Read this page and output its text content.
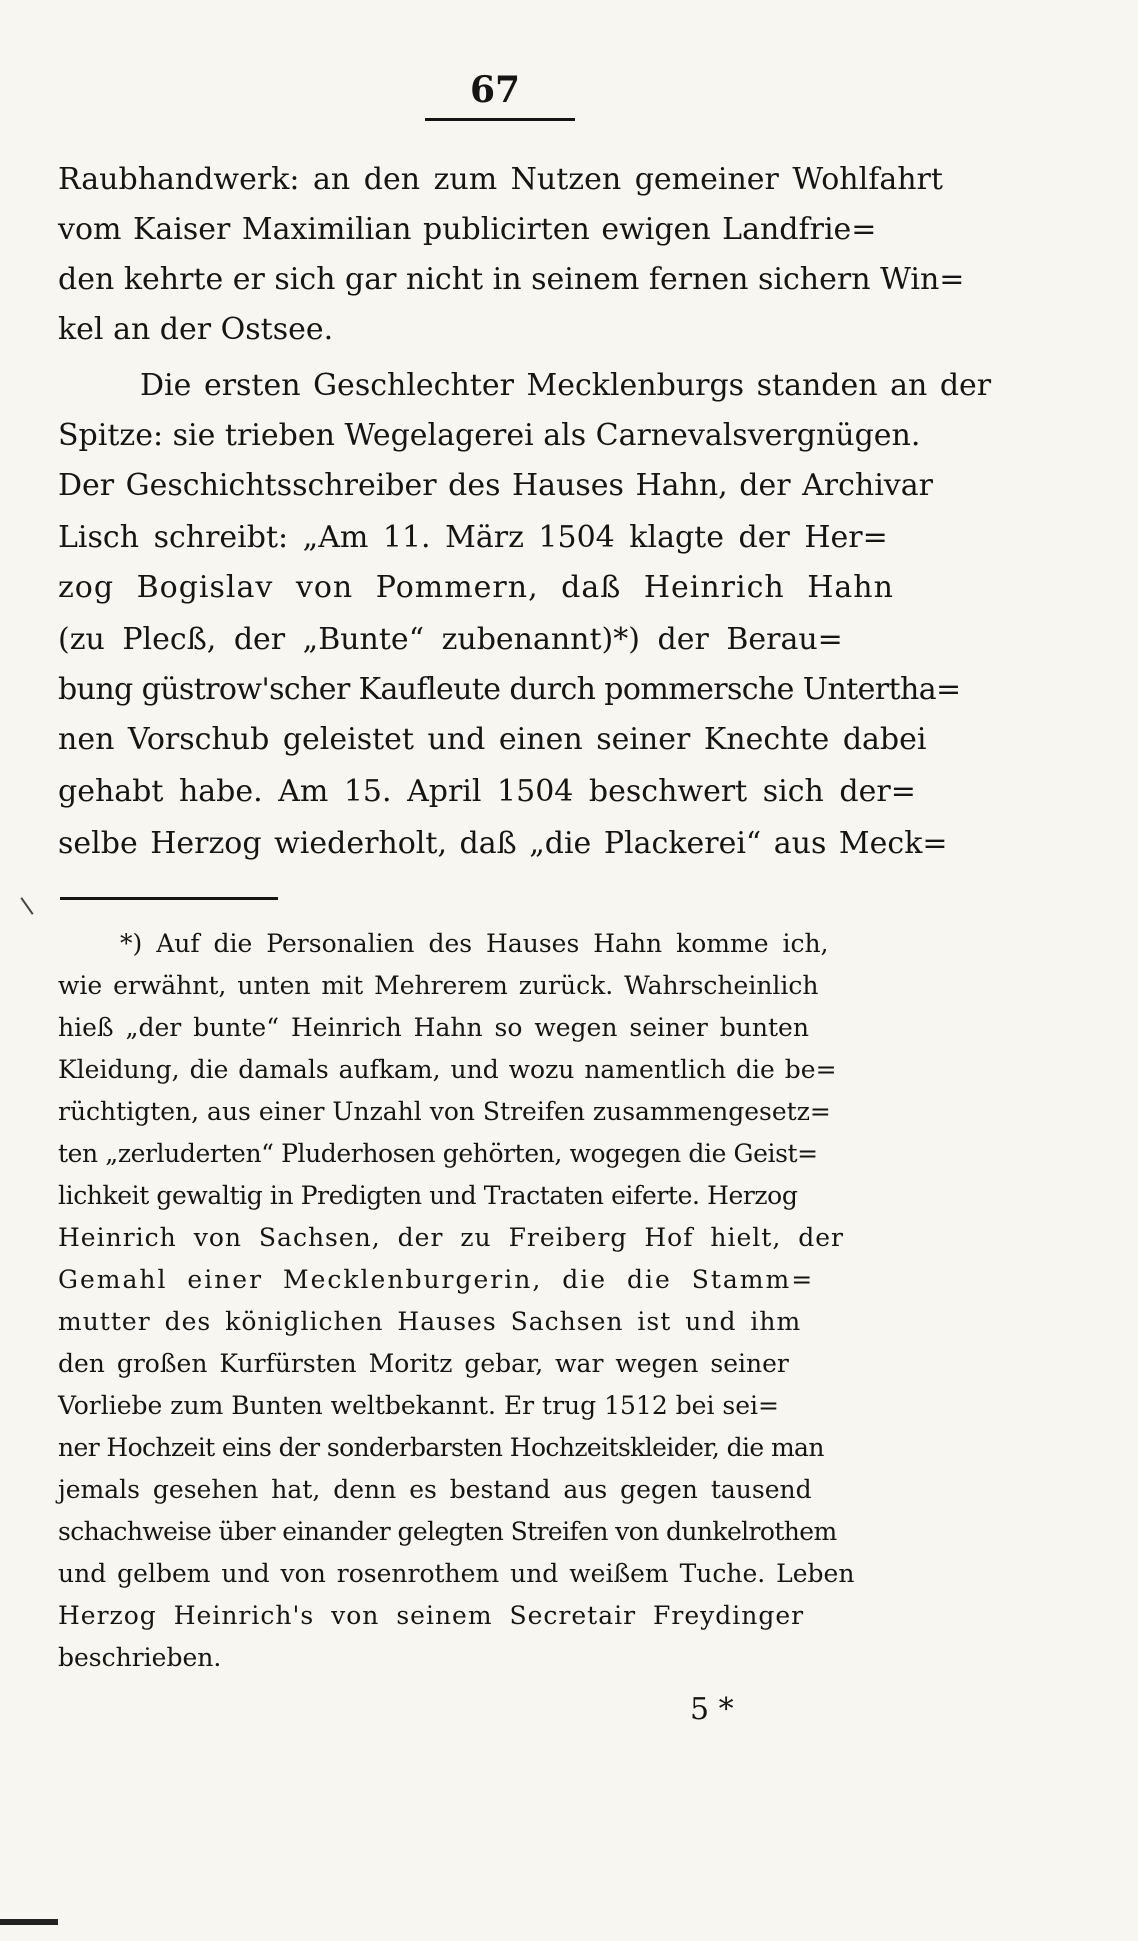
67
Raubhandwerk: an den zum Nutzen gemeiner Wohlfahrt
vom Kaiser Maximilian publicirten ewigen Landfrie=
den kehrte er sich gar nicht in seinem fernen sichern Win=
kel an der Ostsee.
Die ersten Geschlechter Mecklenburgs standen an der
Spitze: sie trieben Wegelagerei als Carnevalsvergnügen.
Der Geschichtsschreiber des Hauses Hahn, der Archivar
Lisch schreibt: „Am 11. März 1504 klagte der Her=
zog Bogislav von Pommern, daß Heinrich Hahn
(zu Plecß, der „Bunte“ zubenannt)*) der Berau=
bung güstrow'scher Kaufleute durch pommersche Untertha=
nen Vorschub geleistet und einen seiner Knechte dabei
gehabt habe. Am 15. April 1504 beschwert sich der=
selbe Herzog wiederholt, daß „die Plackerei“ aus Meck=
*) Auf die Personalien des Hauses Hahn komme ich,
wie erwähnt, unten mit Mehrerem zurück. Wahrscheinlich
hieß „der bunte“ Heinrich Hahn so wegen seiner bunten
Kleidung, die damals aufkam, und wozu namentlich die be=
rüchtigten, aus einer Unzahl von Streifen zusammengesetz=
ten „zerluderten“ Pluderhosen gehörten, wogegen die Geist=
lichkeit gewaltig in Predigten und Tractaten eiferte. Herzog
Heinrich von Sachsen, der zu Freiberg Hof hielt, der
Gemahl einer Mecklenburgerin, die die Stamm=
mutter des königlichen Hauses Sachsen ist und ihm
den großen Kurfürsten Moritz gebar, war wegen seiner
Vorliebe zum Bunten weltbekannt. Er trug 1512 bei sei=
ner Hochzeit eins der sonderbarsten Hochzeitskleider, die man
jemals gesehen hat, denn es bestand aus gegen tausend
schachweise über einander gelegten Streifen von dunkelrothem
und gelbem und von rosenrothem und weißem Tuche. Leben
Herzog Heinrich's von seinem Secretair Freydinger
beschrieben.
5 *
